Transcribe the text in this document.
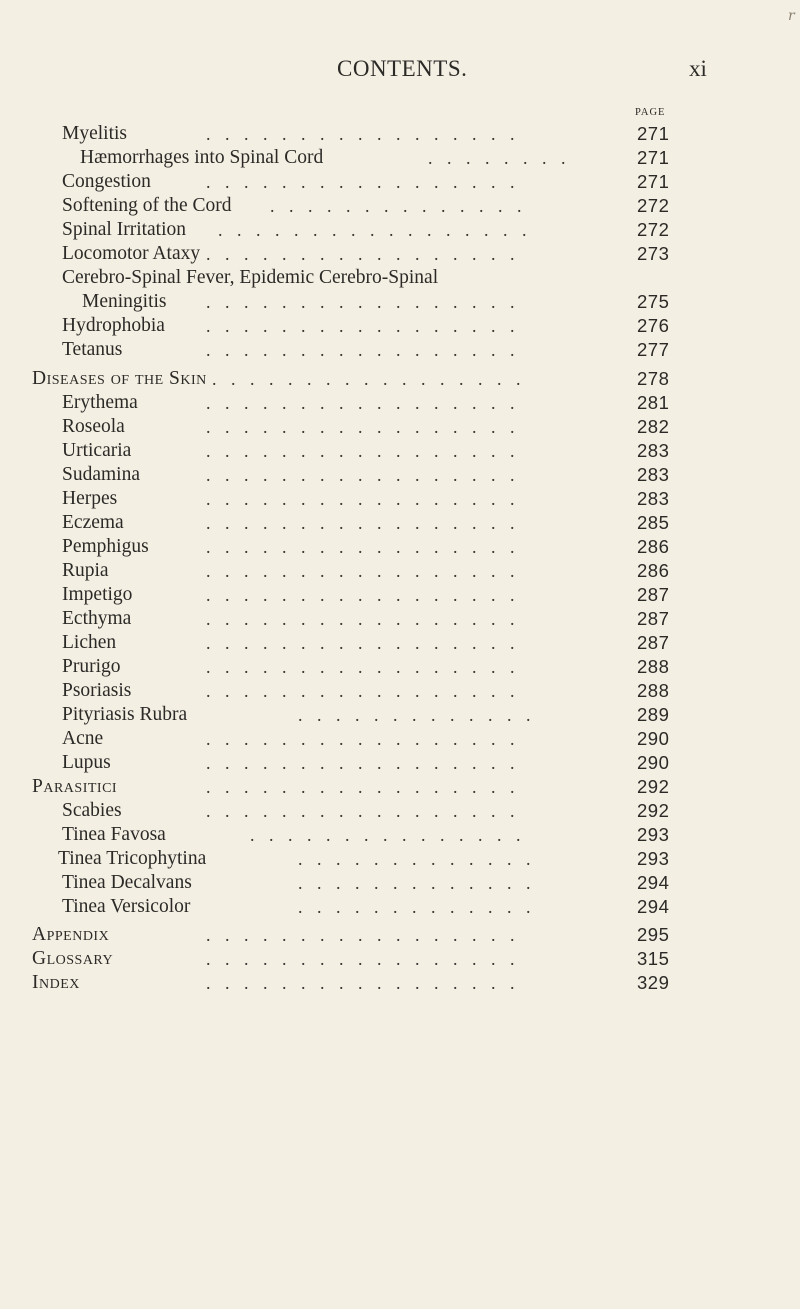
r
CONTENTS.	xi
PAGE
Myelitis	.................	271
Hæmorrhages into Spinal Cord	........	271
Congestion	.................	271
Softening of the Cord ..............	272
Spinal Irritation .................	272
Locomotor Ataxy .................	273
Cerebro-Spinal Fever, Epidemic Cerebro-Spinal
Meningitis .................	275
Hydrophobia .................	276
Tetanus	.................	277
Diseases of the Skin .................	278
Erythema	.................	281
Roseola	.................	282
Urticaria	.................	283
Sudamina	.................	283
Herpes	.................	283
Eczema	.................	285
Pemphigus	.................	286
Rupia	.................	286
Impetigo	.................	287
Ecthyma	.................	287
Lichen	.................	287
Prurigo	.................	288
Psoriasis	.................	288
Pityriasis Rubra	.............	289
Acne	.................	290
Lupus	.................	290
Parasitici	.................	292
Scabies	.................	292
Tinea Favosa	...............	293
Tinea Tricophytina	.............	293
Tinea Decalvans	.............	294
Tinea Versicolor	.............	294
Appendix	.................	295
Glossary	.................	315
Index	.................	329
